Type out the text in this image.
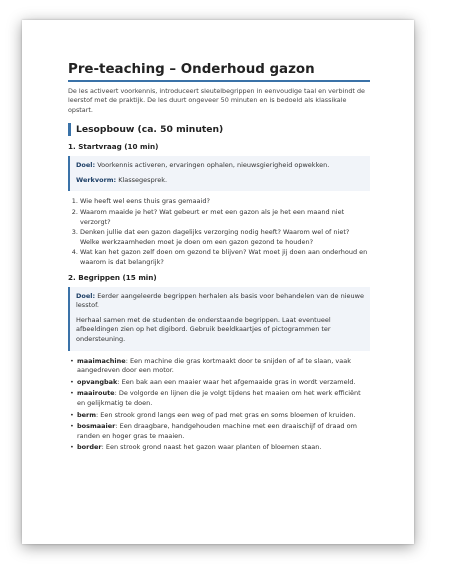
Pre-teaching – Onderhoud gazon

De les activeert voorkennis, introduceert sleutelbegrippen in eenvoudige taal en verbindt de leerstof met de praktijk. De les duurt ongeveer 50 minuten en is bedoeld als klassikale opstart.

Lesopbouw (ca. 50 minuten)
1. Startvraag (10 min)

Doel: Voorkennis activeren, ervaringen ophalen, nieuwsgierigheid opwekken.

Werkvorm: Klassegesprek.

1. Wie heeft wel eens thuis gras gemaaid?
2. Waarom maaide je het? Wat gebeurt er met een gazon als je het een maand niet verzorgt?
3. Denken jullie dat een gazon dagelijks verzorging nodig heeft? Waarom wel of niet? Welke werkzaamheden moet je doen om een gazon gezond te houden?
4. Wat kan het gazon zelf doen om gezond te blijven? Wat moet jij doen aan onderhoud en waarom is dat belangrijk?
2. Begrippen (15 min)

Doel: Eerder aangeleerde begrippen herhalen als basis voor behandelen van de nieuwe lesstof.

Herhaal samen met de studenten de onderstaande begrippen. Laat eventueel afbeeldingen zien op het digibord. Gebruik beeldkaartjes of pictogrammen ter ondersteuning.

• maaimachine: Een machine die gras kortmaakt door te snijden of af te slaan, vaak aangedreven door een motor.
• opvangbak: Een bak aan een maaier waar het afgemaaide gras in wordt verzameld.
• maairoute: De volgorde en lijnen die je volgt tijdens het maaien om het werk efficiënt en gelijkmatig te doen.
• berm: Een strook grond langs een weg of pad met gras en soms bloemen of kruiden.
• bosmaaier: Een draagbare, handgehouden machine met een draaischijf of draad om randen en hoger gras te maaien.
• border: Een strook grond naast het gazon waar planten of bloemen staan.
